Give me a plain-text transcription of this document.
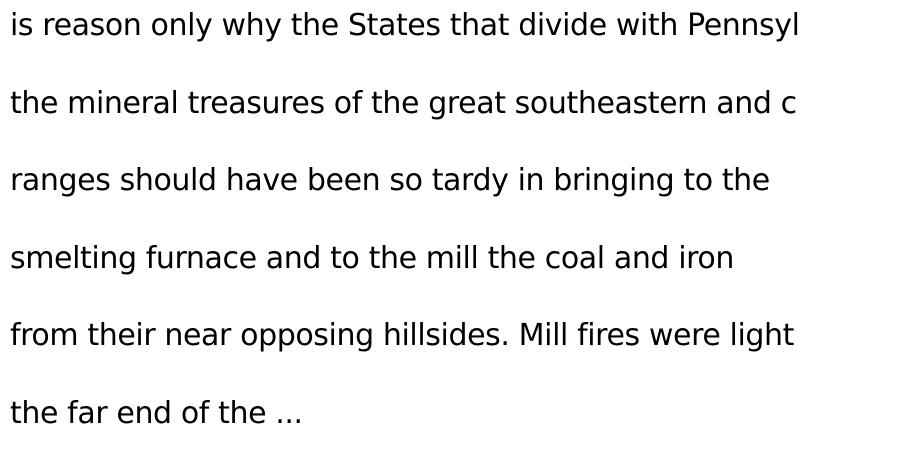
is reason only why the States that divide with Pennsyl
the mineral treasures of the great southeastern and c
ranges should have been so tardy in bringing to the
smelting furnace and to the mill the coal and iron
from their near opposing hillsides. Mill fires were light
the far end of the ...
